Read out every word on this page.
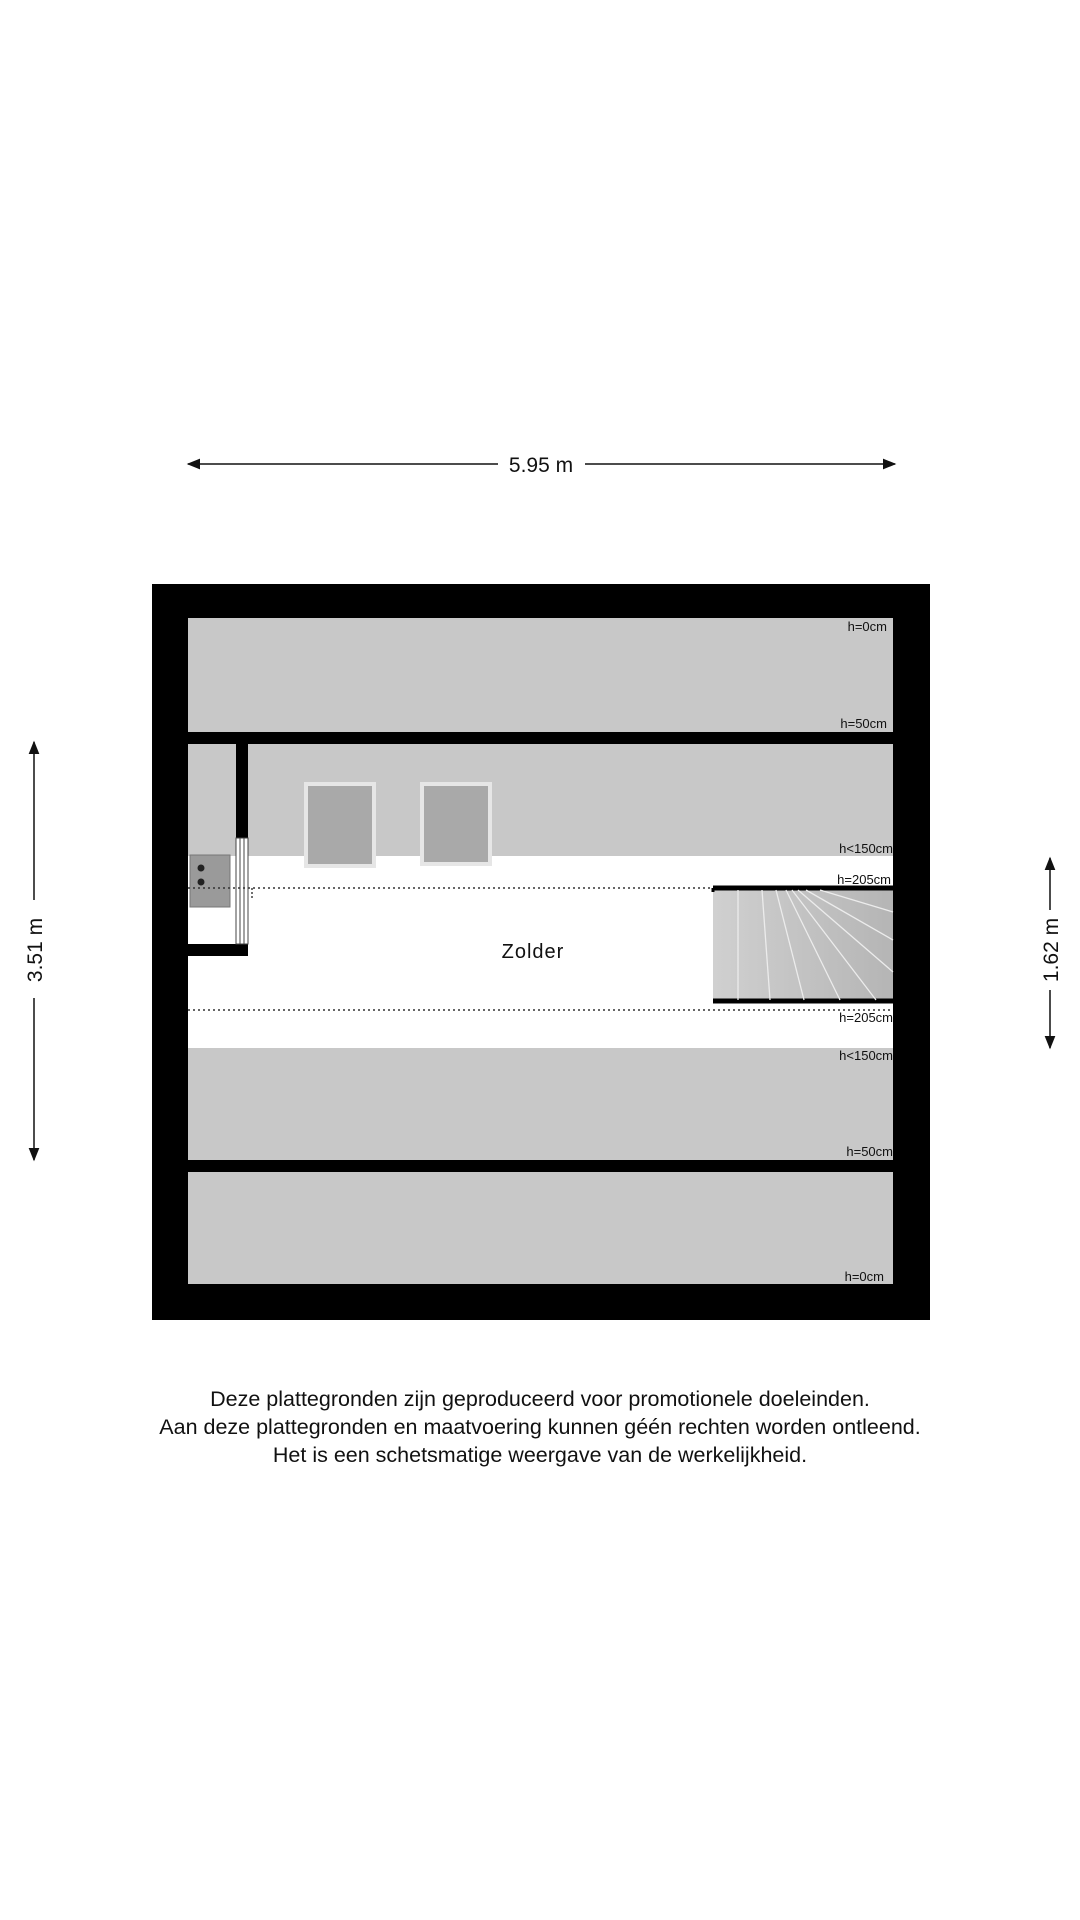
5.95 m
3.51 m	1.62 m
Zolder
h=0cm
h=50cm
h<150cm
h=205cm
h=205cm
h<150cm
h=50cm
h=0cm
Deze plattegronden zijn geproduceerd voor promotionele doeleinden.
Aan deze plattegronden en maatvoering kunnen géén rechten worden ontleend.
Het is een schetsmatige weergave van de werkelijkheid.
